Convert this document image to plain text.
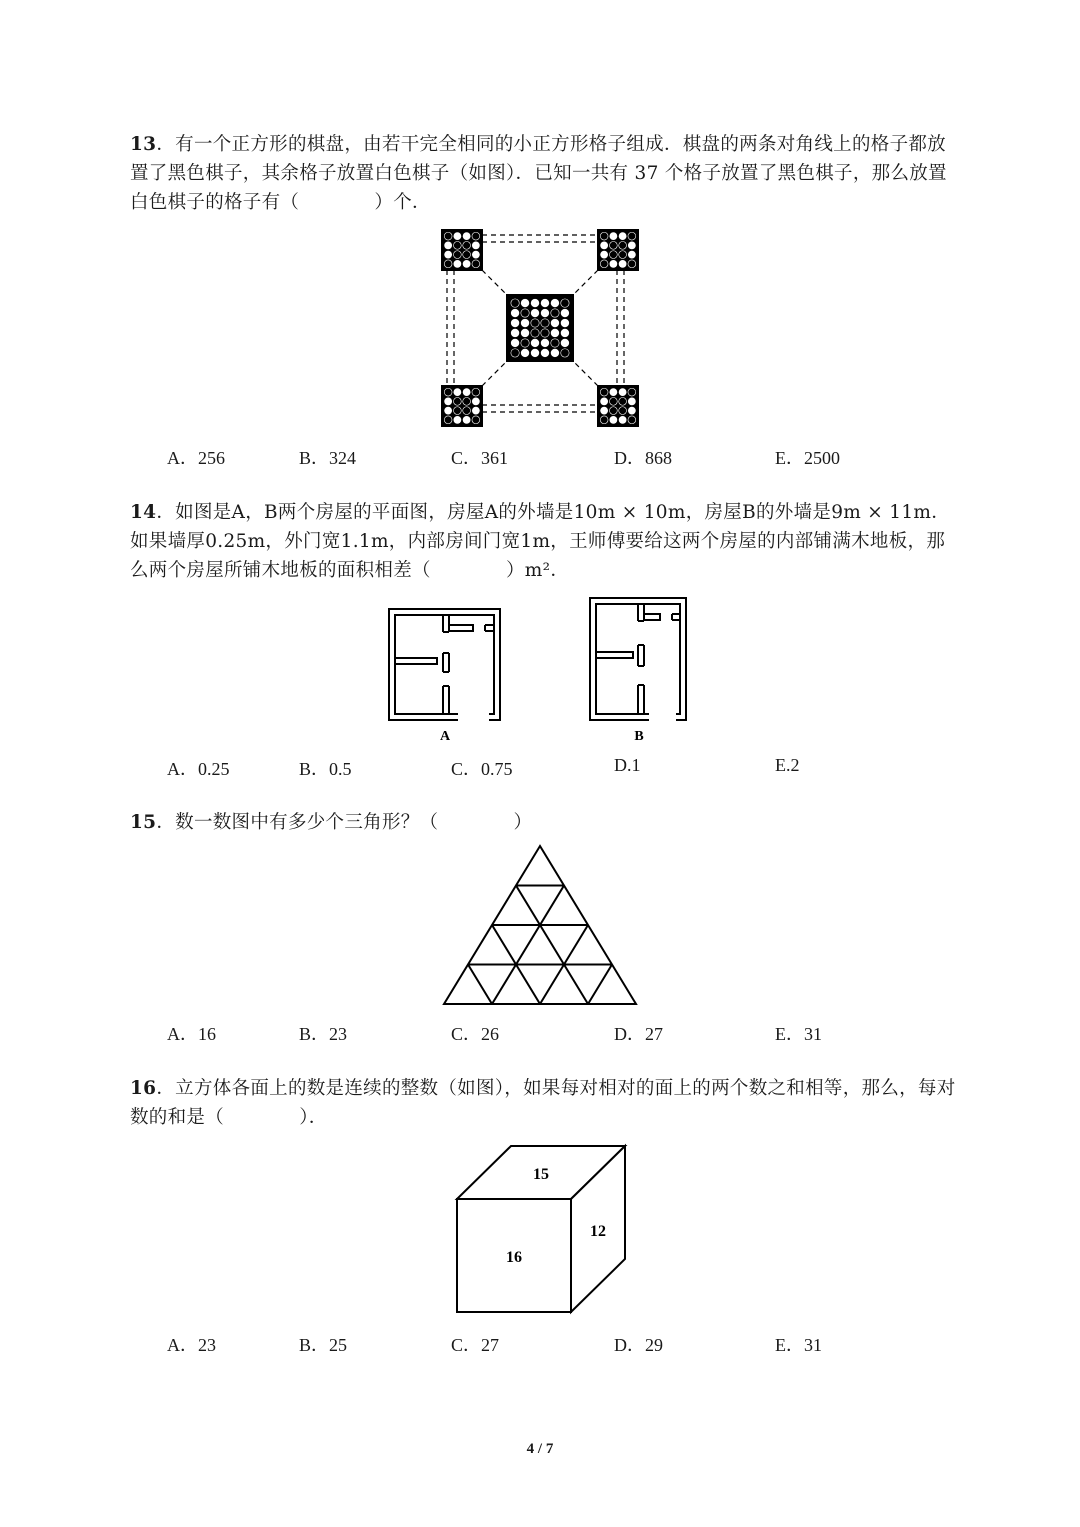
13．有一个正方形的棋盘，由若干完全相同的小正方形格子组成．棋盘的两条对角线上的格子都放置了黑色棋子，其余格子放置白色棋子（如图）．已知一共有 37 个格子放置了黑色棋子，那么放置白色棋子的格子有（　　　　）个．
A．256	B．324	C．361	D．868	E．2500
14．如图是A，B两个房屋的平面图，房屋A的外墙是10m × 10m，房屋B的外墙是9m × 11m．如果墙厚0.25m，外门宽1.1m，内部房间门宽1m，王师傅要给这两个房屋的内部铺满木地板，那么两个房屋所铺木地板的面积相差（　　　　）m²．
A	B
A．0.25	B．0.5	C．0.75	D.1	E.2
15．数一数图中有多少个三角形？（　　　　）
A．16	B．23	C．26	D．27	E．31
16．立方体各面上的数是连续的整数（如图），如果每对相对的面上的两个数之和相等，那么，每对数的和是（　　　　）．
15
16
12
A．23	B．25	C．27	D．29	E．31
4 / 7
